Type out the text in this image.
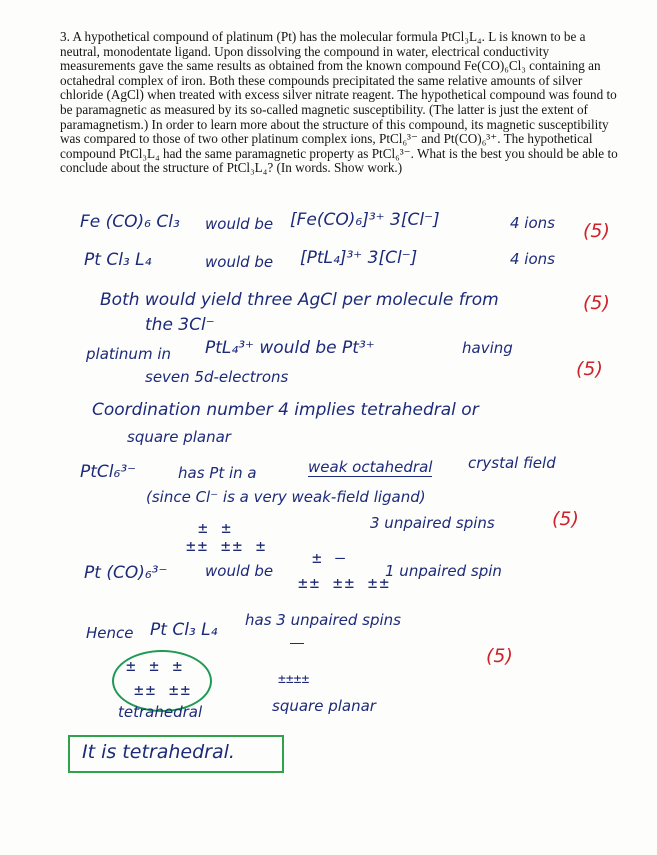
3. A hypothetical compound of platinum (Pt) has the molecular formula PtCl₃L₄. L is known to be a neutral, monodentate ligand. Upon dissolving the compound in water, electrical conductivity measurements gave the same results as obtained from the known compound Fe(CO)₆Cl₃ containing an octahedral complex of iron. Both these compounds precipitated the same relative amounts of silver chloride (AgCl) when treated with excess silver nitrate reagent. The hypothetical compound was found to be paramagnetic as measured by its so-called magnetic susceptibility. (The latter is just the extent of paramagnetism.) In order to learn more about the structure of this compound, its magnetic susceptibility was compared to those of two other platinum complex ions, PtCl₆³⁻ and Pt(CO)₆³⁺. The hypothetical compound PtCl₃L₄ had the same paramagnetic property as PtCl₆³⁻. What is the best you should be able to conclude about the structure of PtCl₃L₄? (In words. Show work.)

Fe (CO)₆ Cl₃ would be [Fe(CO)₆]³⁺ 3[Cl⁻]	4 ions
Pt Cl₃ L₄	would be [PtL₄]³⁺ 3[Cl⁻]	4 ions
Both would yield three AgCl per molecule from
the 3Cl⁻
platinum in PtL₄³⁺ would be Pt³⁺	having
seven 5d-electrons
Coordination number 4 implies tetrahedral or
square planar
PtCl₆³⁻	has Pt in a	weak octahedral crystal field
(since Cl⁻ is a very weak-field ligand)
± ±
±± ±± ±
3 unpaired spins
Pt (CO)₆³⁻	would be
± —
±± ±± ±±
1 unpaired spin
Hence Pt Cl₃ L₄ has 3 unpaired spins
± ± ±
±± ±±
tetrahedral
±±±±
square planar
It is tetrahedral.
(5)
(5)
(5)
(5)
(5)
